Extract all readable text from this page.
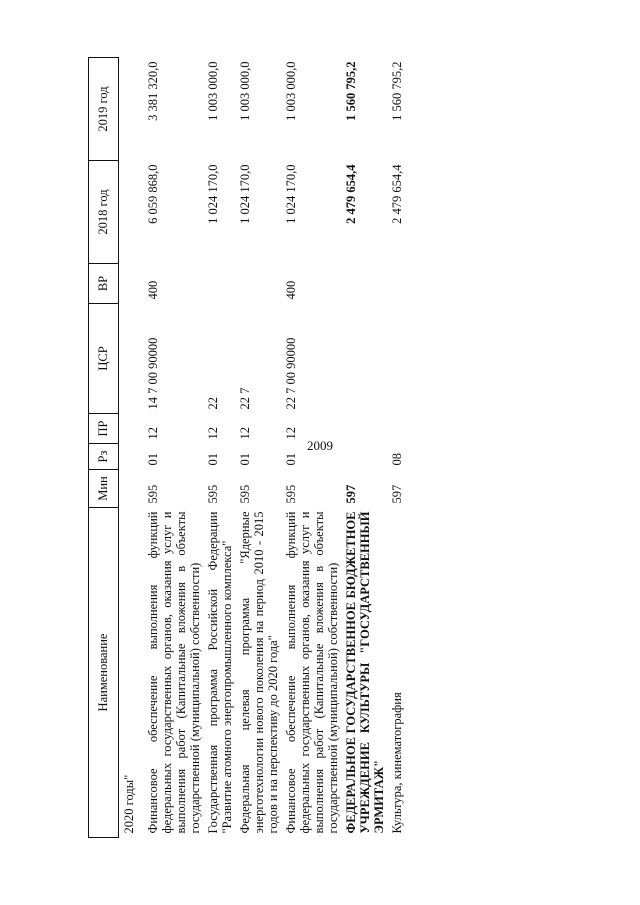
2009
Наименование	Мин	Рз	ПР	ЦСР	ВР	2018 год	2019 год
2020 годы"							
Финансовое обеспечение выполнения функций федеральных государственных органов, оказания услуг и выполнения работ (Капитальные вложения в объекты государственной (муниципальной) собственности)	595	01	12	14 7 00 90000	400	6 059 868,0	3 381 320,0
Государственная программа Российской Федерации "Развитие атомного энергопромышленного комплекса"	595	01	12	22		1 024 170,0	1 003 000,0
Федеральная целевая программа "Ядерные энерготехнологии нового поколения на период 2010 - 2015 годов и на перспективу до 2020 года"	595	01	12	22 7		1 024 170,0	1 003 000,0
Финансовое обеспечение выполнения функций федеральных государственных органов, оказания услуг и выполнения работ (Капитальные вложения в объекты государственной (муниципальной) собственности)	595	01	12	22 7 00 90000	400	1 024 170,0	1 003 000,0
ФЕДЕРАЛЬНОЕ ГОСУДАРСТВЕННОЕ БЮДЖЕТНОЕ УЧРЕЖДЕНИЕ КУЛЬТУРЫ "ГОСУДАРСТВЕННЫЙ ЭРМИТАЖ"	597					2 479 654,4	1 560 795,2
Культура, кинематография	597	08				2 479 654,4	1 560 795,2
